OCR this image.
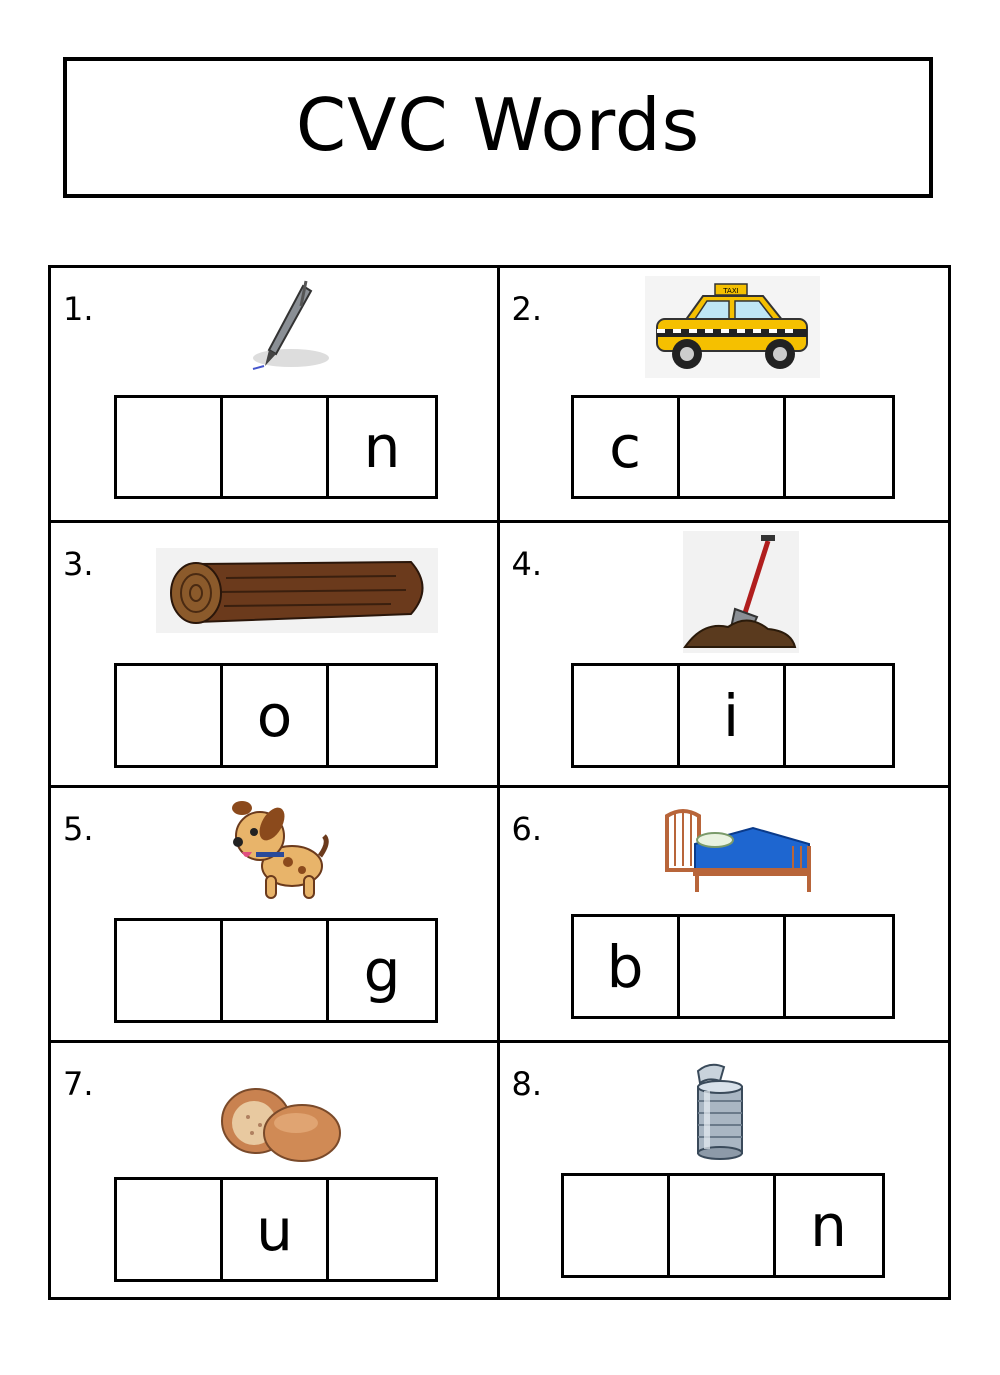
CVC Words
1.
n
2.	TAXI
c
3.
o
4.
i
5.
g
6.
b
7.
u
8.
n
